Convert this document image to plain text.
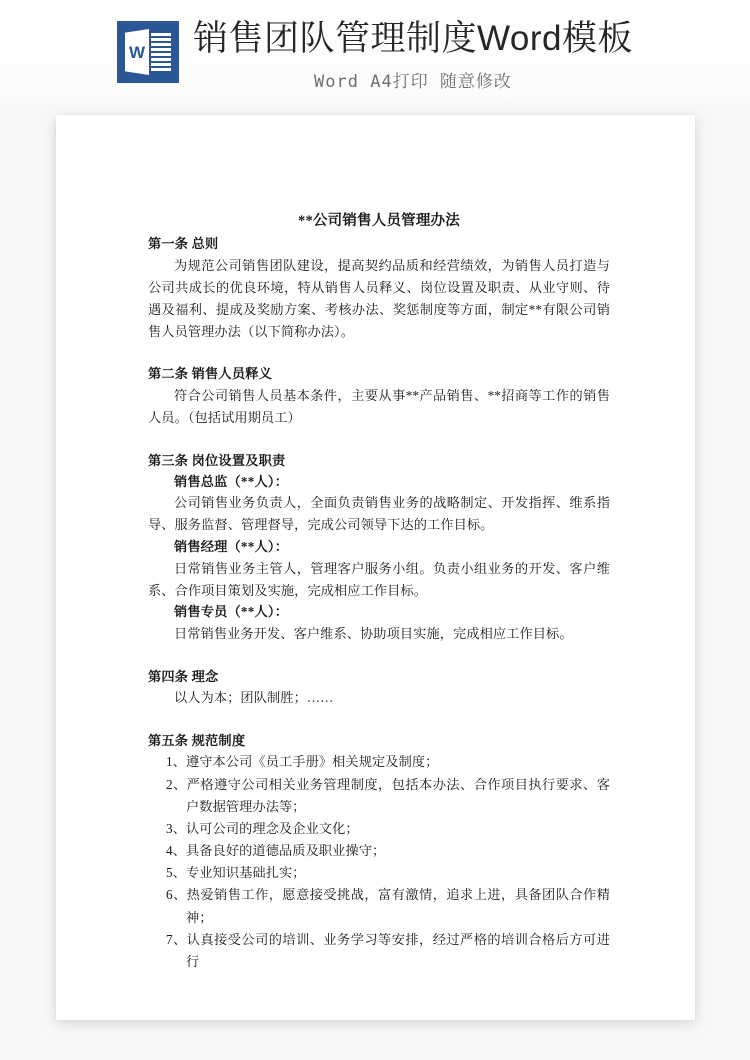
W 销售团队管理制度Word模板
Word A4打印 随意修改
**公司销售人员管理办法
第一条 总则
为规范公司销售团队建设，提高契约品质和经营绩效，为销售人员打造与公司共成长的优良环境，特从销售人员释义、岗位设置及职责、从业守则、待遇及福利、提成及奖励方案、考核办法、奖惩制度等方面，制定**有限公司销售人员管理办法（以下简称办法）。
第二条 销售人员释义
符合公司销售人员基本条件，主要从事**产品销售、**招商等工作的销售人员。（包括试用期员工）
第三条 岗位设置及职责
销售总监（**人）：
公司销售业务负责人，全面负责销售业务的战略制定、开发指挥、维系指导、服务监督、管理督导，完成公司领导下达的工作目标。
销售经理（**人）：
日常销售业务主管人，管理客户服务小组。负责小组业务的开发、客户维系、合作项目策划及实施，完成相应工作目标。
销售专员（**人）：
日常销售业务开发、客户维系、协助项目实施，完成相应工作目标。
第四条 理念
以人为本；团队制胜；……
第五条 规范制度
1、遵守本公司《员工手册》相关规定及制度；
2、严格遵守公司相关业务管理制度，包括本办法、合作项目执行要求、客户数据管理办法等；
3、认可公司的理念及企业文化；
4、具备良好的道德品质及职业操守；
5、专业知识基础扎实；
6、热爱销售工作，愿意接受挑战，富有激情，追求上进，具备团队合作精神；
7、认真接受公司的培训、业务学习等安排，经过严格的培训合格后方可进行
